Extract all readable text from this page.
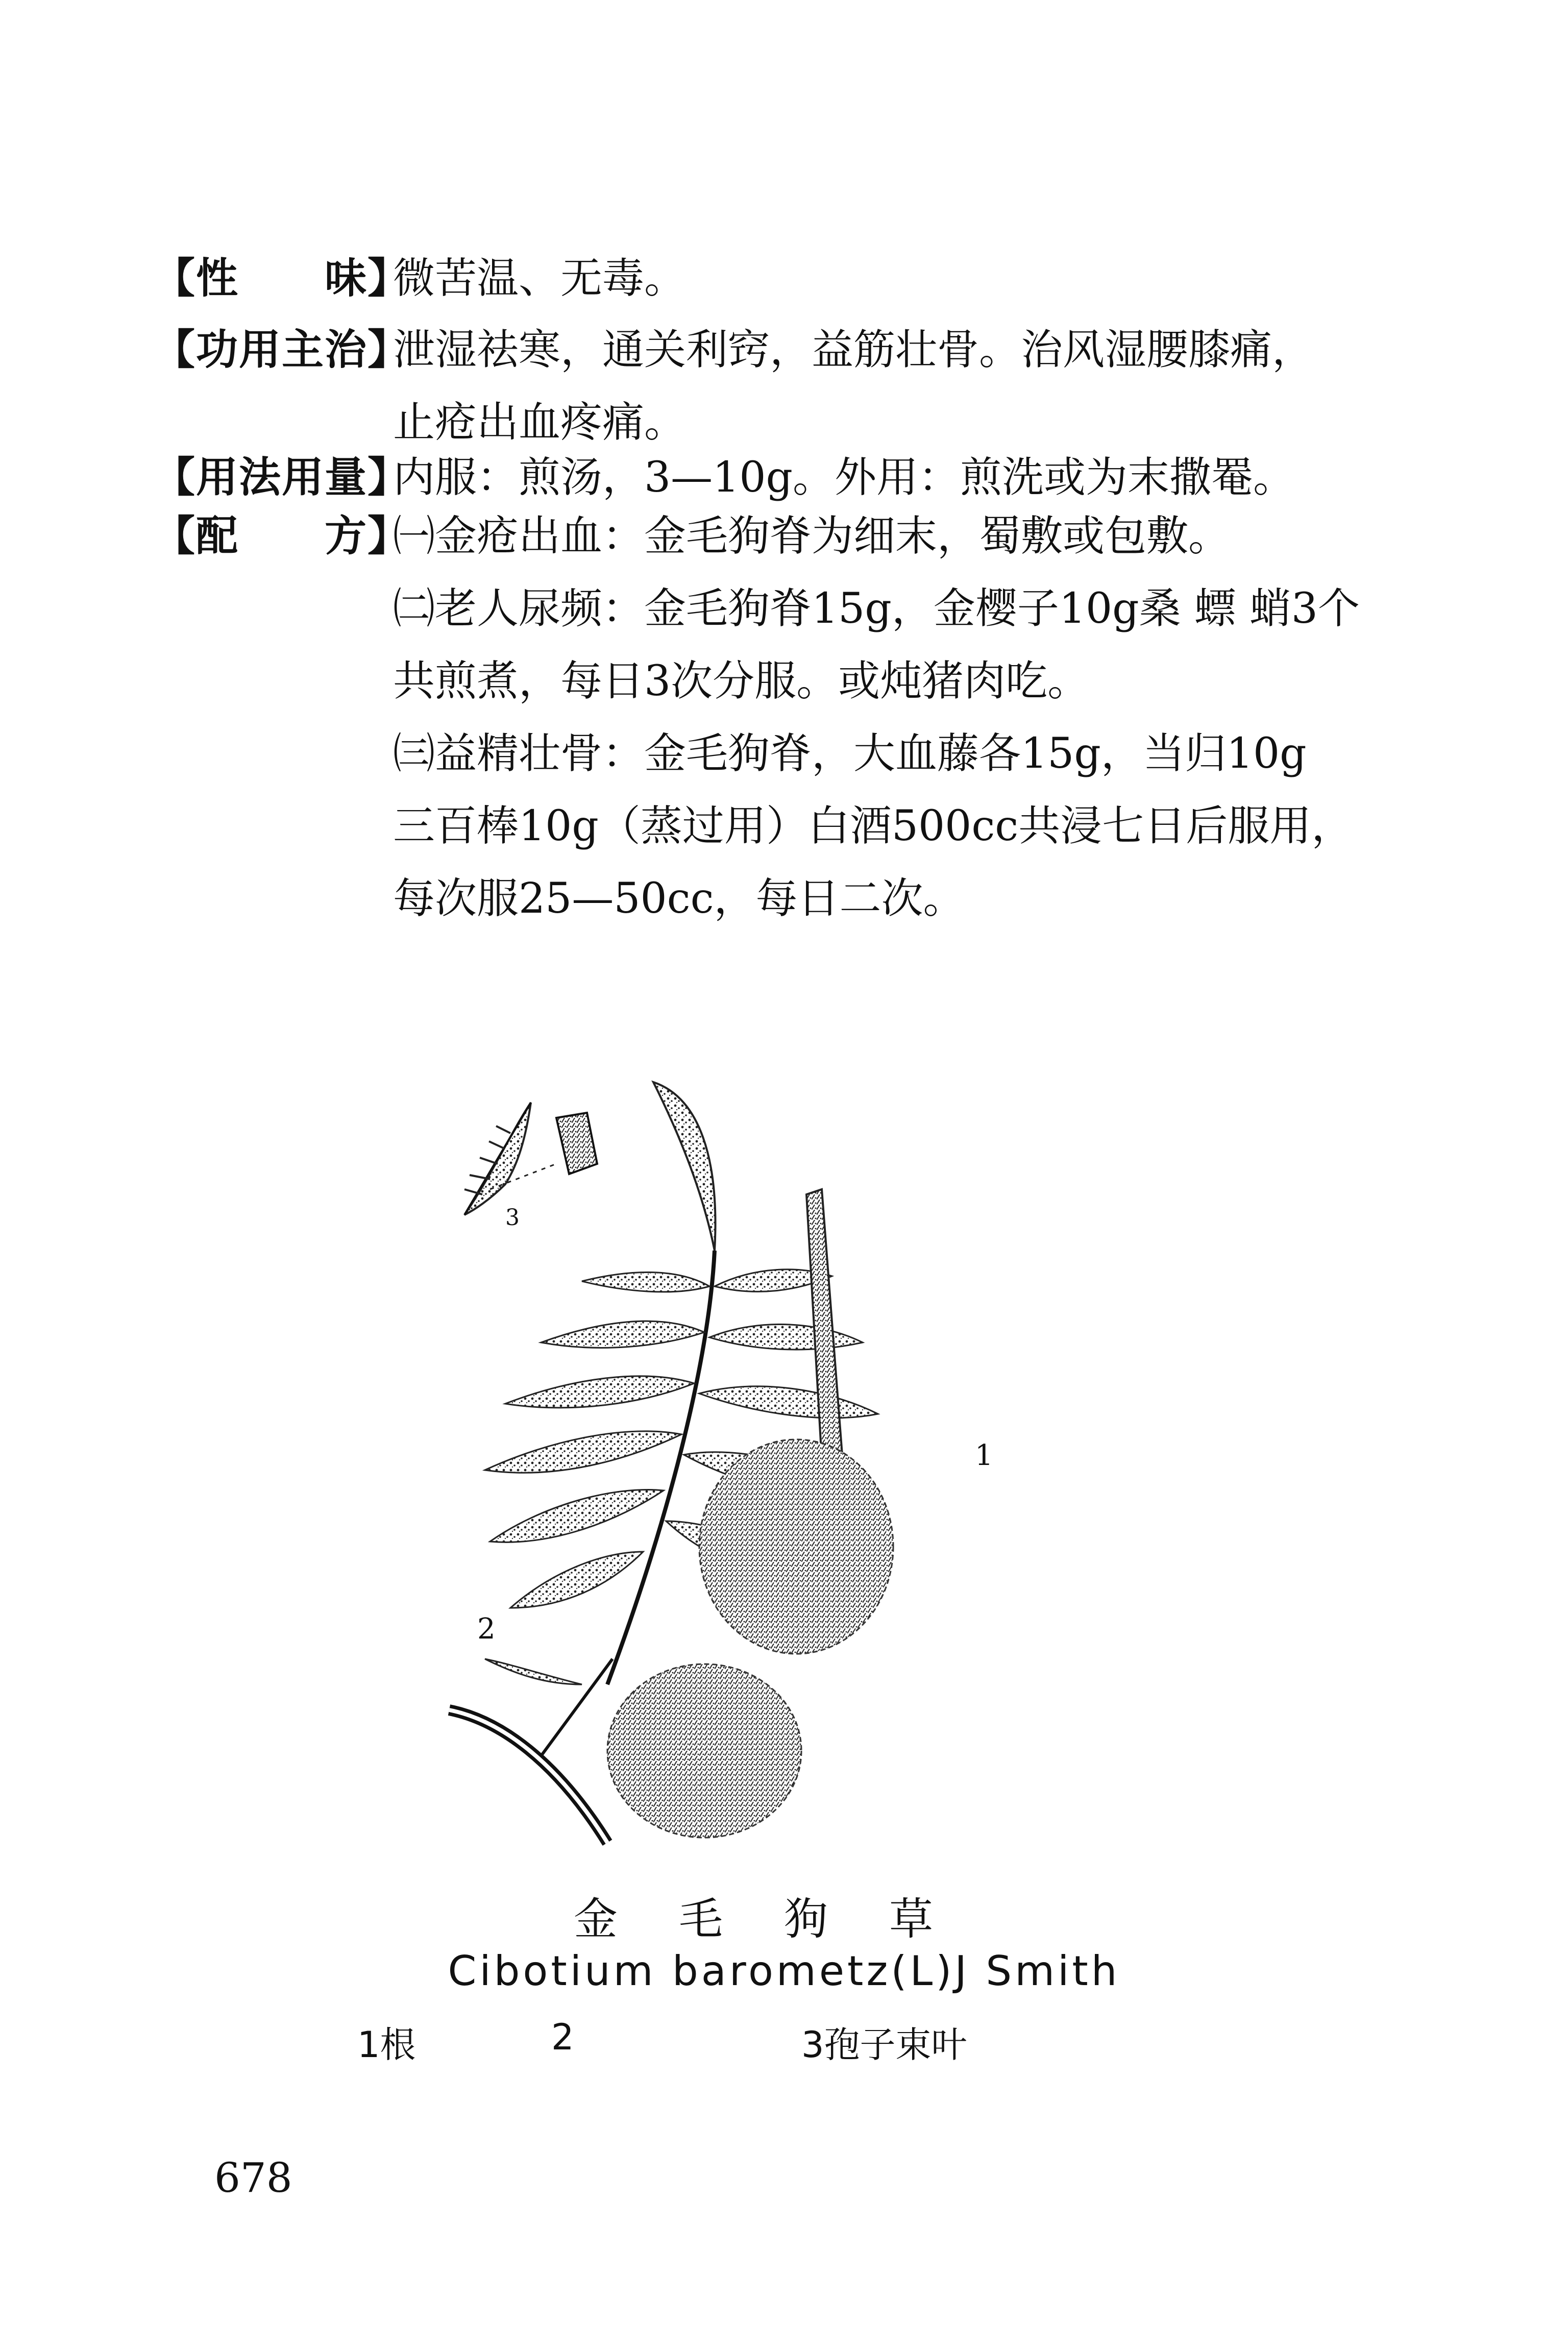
【性　　味】
微苦温、无毒。
【功用主治】
泄湿祛寒，通关利窍，益筋壮骨。治风湿腰膝痛，
止疮出血疼痛。
【用法用量】
内服：煎汤，3—10g。外用：煎洗或为末撒罨。
【配　　方】
㈠金疮出血：金毛狗脊为细末，蜀敷或包敷。
㈡老人尿频：金毛狗脊15g，金樱子10g桑 螵 蛸3个
共煎煮，每日3次分服。或炖猪肉吃。
㈢益精壮骨：金毛狗脊，大血藤各15g，当归10g
三百棒10g（蒸过用）白酒500cc共浸七日后服用，
每次服25—50cc，每日二次。
1
2
3
金毛狗草
Cibotium barometz(L)J Smith
1根	2	3孢子束叶
678
